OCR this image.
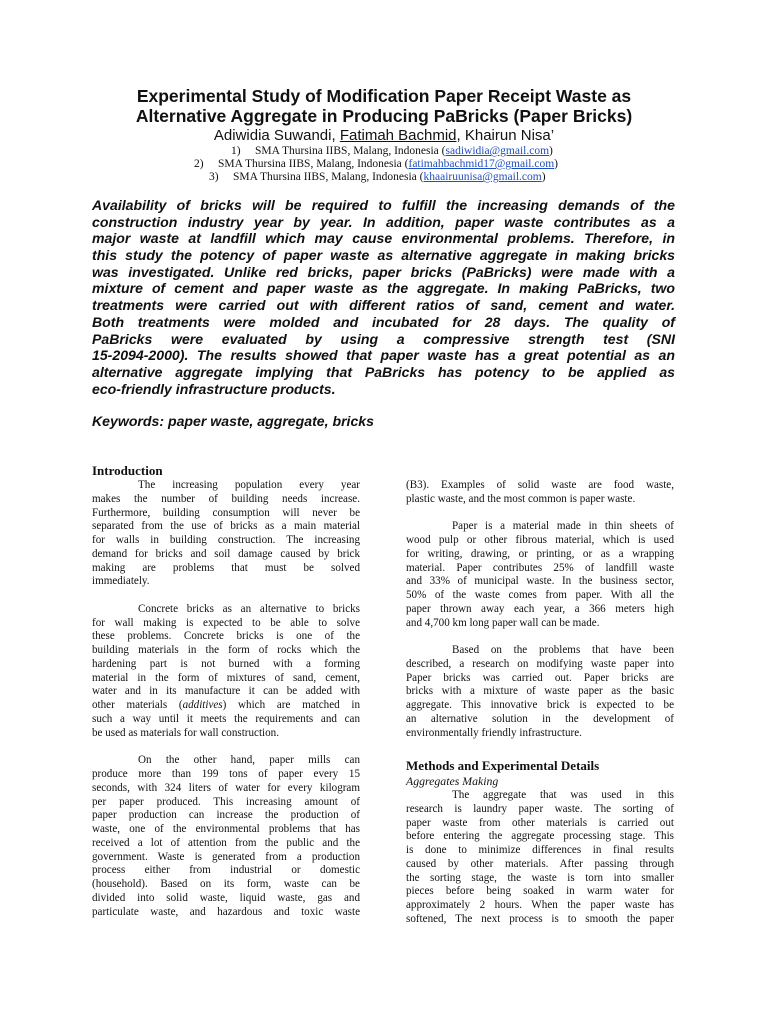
Experimental Study of Modification Paper Receipt Waste as
Alternative Aggregate in Producing PaBricks (Paper Bricks)
Adiwidia Suwandi, Fatimah Bachmid, Khairun Nisa’
1) SMA Thursina IIBS, Malang, Indonesia (sadiwidia@gmail.com)
2) SMA Thursina IIBS, Malang, Indonesia (fatimahbachmid17@gmail.com)
3) SMA Thursina IIBS, Malang, Indonesia (khaairuunisa@gmail.com)
Availability of bricks will be required to fulfill the increasing demands of the
construction industry year by year. In addition, paper waste contributes as a
major waste at landfill which may cause environmental problems. Therefore, in
this study the potency of paper waste as alternative aggregate in making bricks
was investigated. Unlike red bricks, paper bricks (PaBricks) were made with a
mixture of cement and paper waste as the aggregate. In making PaBricks, two
treatments were carried out with different ratios of sand, cement and water.
Both treatments were molded and incubated for 28 days. The quality of
PaBricks were evaluated by using a compressive strength test (SNI
15-2094-2000). The results showed that paper waste has a great potential as an
alternative aggregate implying that PaBricks has potency to be applied as
eco-friendly infrastructure products.
Keywords: paper waste, aggregate, bricks
Introduction
The increasing population every year
makes the number of building needs increase.
Furthermore, building consumption will never be
separated from the use of bricks as a main material
for walls in building construction. The increasing
demand for bricks and soil damage caused by brick
making are problems that must be solved
immediately.
Concrete bricks as an alternative to bricks
for wall making is expected to be able to solve
these problems. Concrete bricks is one of the
building materials in the form of rocks which the
hardening part is not burned with a forming
material in the form of mixtures of sand, cement,
water and in its manufacture it can be added with
other materials (additives) which are matched in
such a way until it meets the requirements and can
be used as materials for wall construction.
On the other hand, paper mills can
produce more than 199 tons of paper every 15
seconds, with 324 liters of water for every kilogram
per paper produced. This increasing amount of
paper production can increase the production of
waste, one of the environmental problems that has
received a lot of attention from the public and the
government. Waste is generated from a production
process either from industrial or domestic
(household). Based on its form, waste can be
divided into solid waste, liquid waste, gas and
particulate waste, and hazardous and toxic waste
(B3). Examples of solid waste are food waste,
plastic waste, and the most common is paper waste.
Paper is a material made in thin sheets of
wood pulp or other fibrous material, which is used
for writing, drawing, or printing, or as a wrapping
material. Paper contributes 25% of landfill waste
and 33% of municipal waste. In the business sector,
50% of the waste comes from paper. With all the
paper thrown away each year, a 366 meters high
and 4,700 km long paper wall can be made.
Based on the problems that have been
described, a research on modifying waste paper into
Paper bricks was carried out. Paper bricks are
bricks with a mixture of waste paper as the basic
aggregate. This innovative brick is expected to be
an alternative solution in the development of
environmentally friendly infrastructure.
Methods and Experimental Details
Aggregates Making
The aggregate that was used in this
research is laundry paper waste. The sorting of
paper waste from other materials is carried out
before entering the aggregate processing stage. This
is done to minimize differences in final results
caused by other materials. After passing through
the sorting stage, the waste is torn into smaller
pieces before being soaked in warm water for
approximately 2 hours. When the paper waste has
softened, The next process is to smooth the paper
